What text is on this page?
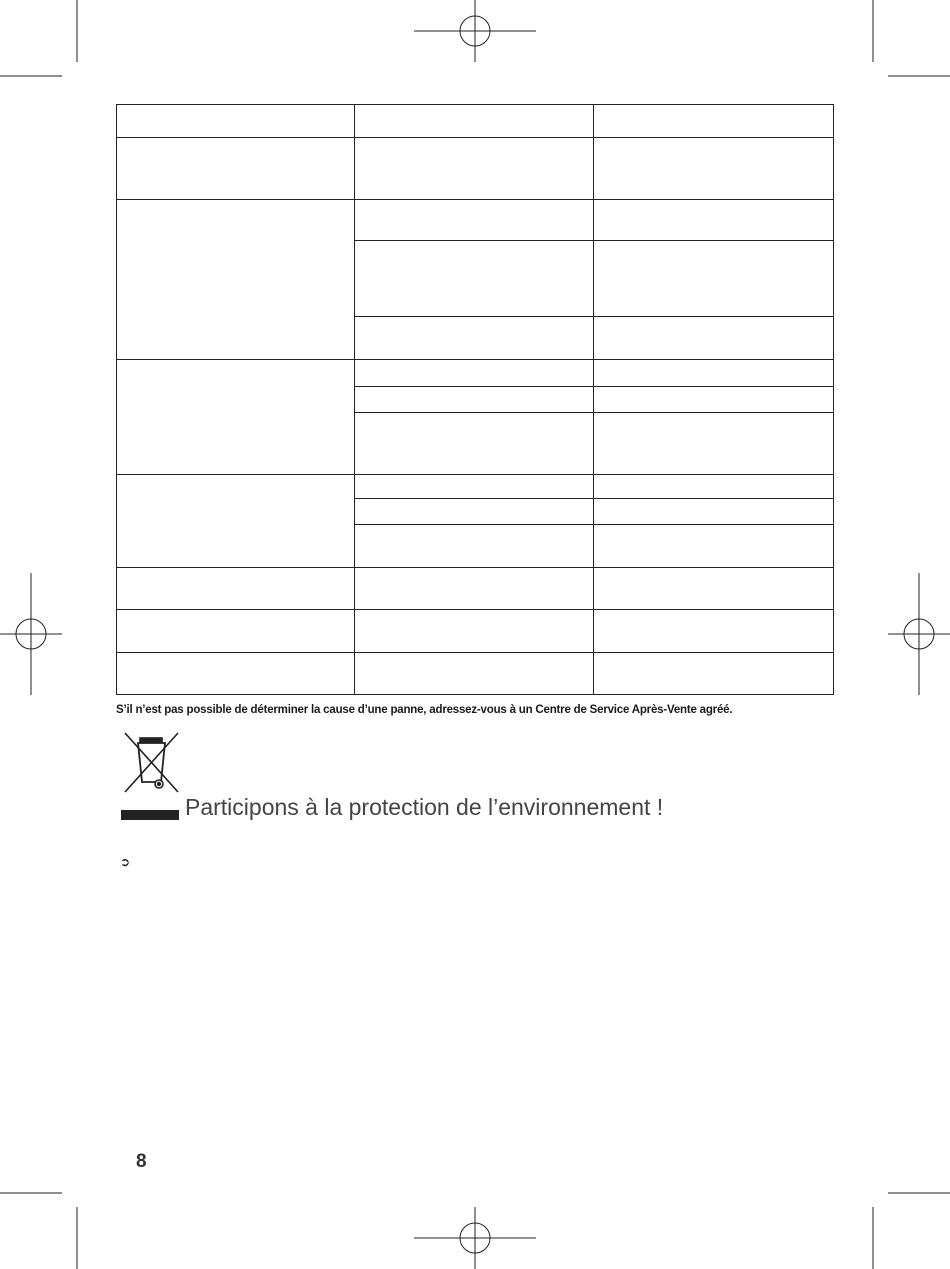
S’il n’est pas possible de déterminer la cause d’une panne, adressez-vous à un Centre de Service Après-Vente agréé.
Participons à la protection de l’environnement !
➲
8
